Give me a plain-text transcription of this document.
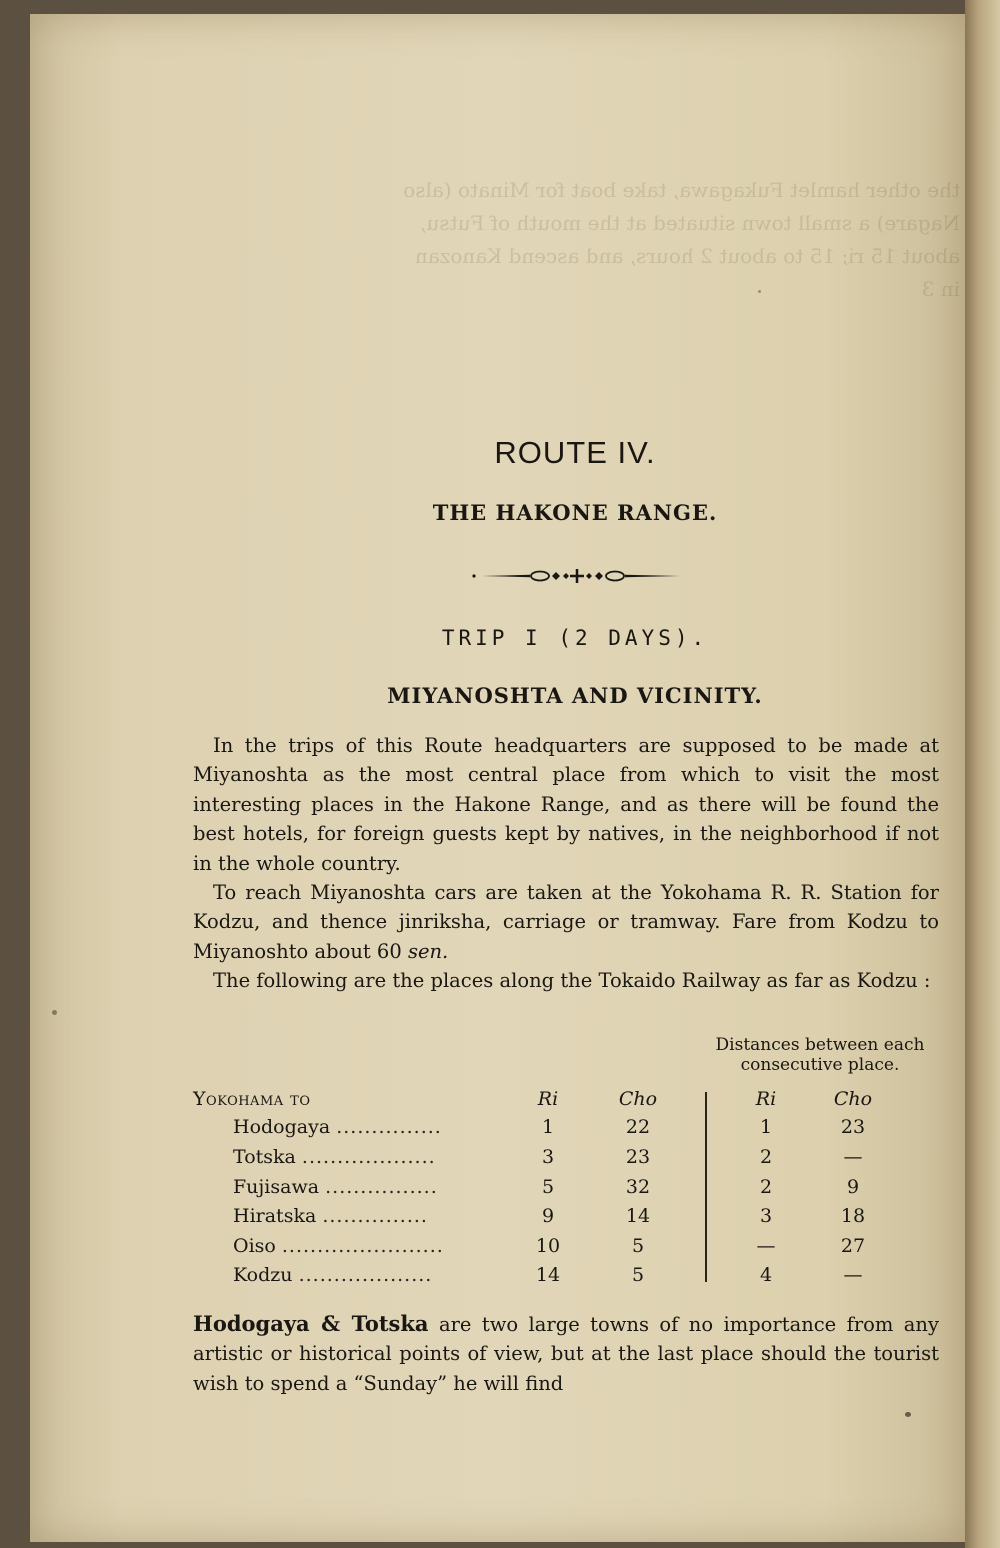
the other hamlet Fukagawa, take boat for Minato (also
Nagare) a small town situated at the mouth of Futsu,
about 15 ri; 15 to about 2 hours, and ascend Kanozan
in 3
ROUTE IV.
THE HAKONE RANGE.
TRIP I (2 DAYS).
MIYANOSHTA AND VICINITY.

In the trips of this Route headquarters are supposed to be made at Miyanoshta as the most central place from which to visit the most interesting places in the Hakone Range, and as there will be found the best hotels, for foreign guests kept by natives, in the neighborhood if not in the whole country.

To reach Miyanoshta cars are taken at the Yokohama R. R. Station for Kodzu, and thence jinriksha, carriage or tramway. Fare from Kodzu to Miyanoshto about 60 sen.

The following are the places along the Tokaido Railway as far as Kodzu :

Distances between each
consecutive place.
Yokohama to	Ri	Cho	Ri	Cho
Hodogaya ...............	1	22	1	23
Totska ...................	3	23	2	—
Fujisawa ................	5	32	2	9
Hiratska ...............	9	14	3	18
Oiso .......................	10	5	—	27
Kodzu ...................	14	5	4	—
Hodogaya & Totska are two large towns of no importance from any artistic or historical points of view, but at the last place should the tourist wish to spend a “Sunday” he will find
